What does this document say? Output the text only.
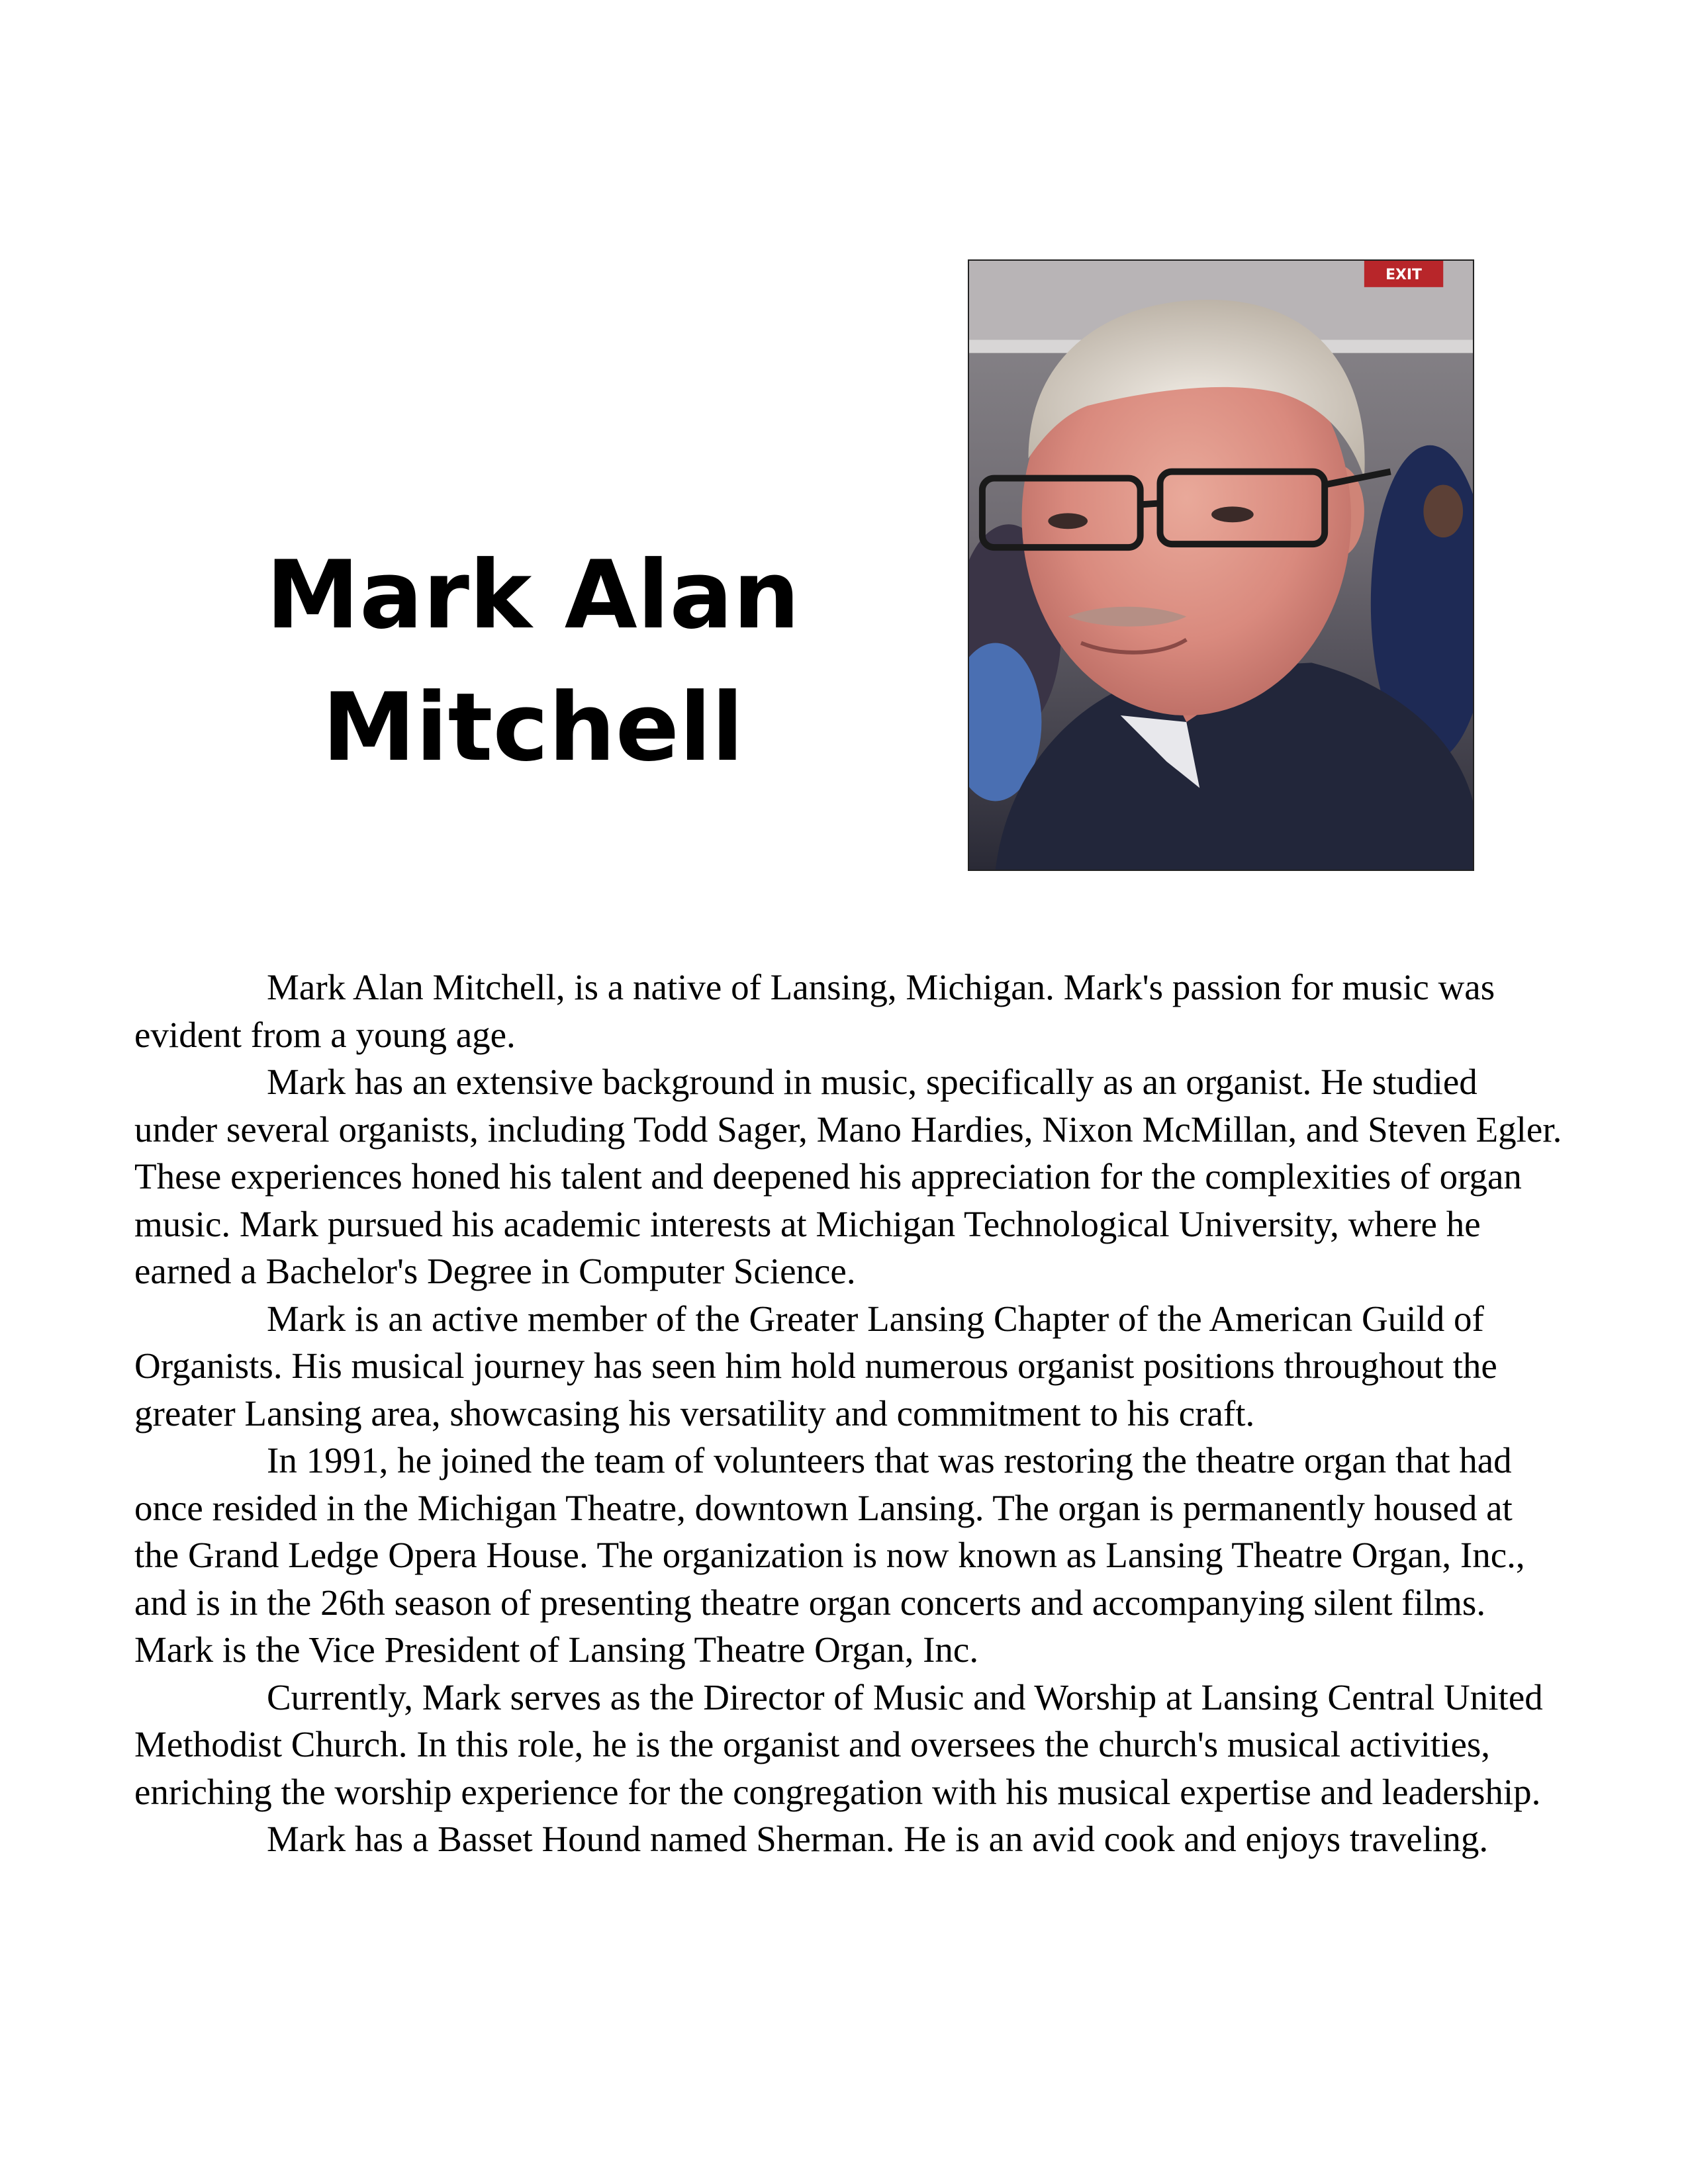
Mark Alan
Mitchell
EXIT

Mark Alan Mitchell, is a native of Lansing, Michigan. Mark's passion for music was evident from a young age.

Mark has an extensive background in music, specifically as an organist. He studied under several organists, including Todd Sager, Mano Hardies, Nixon McMillan, and Steven Egler. These experiences honed his talent and deepened his appreciation for the complexities of organ music. Mark pursued his academic interests at Michigan Technological University, where he earned a Bachelor's Degree in Computer Science.

Mark is an active member of the Greater Lansing Chapter of the American Guild of Organists. His musical journey has seen him hold numerous organist positions throughout the greater Lansing area, showcasing his versatility and commitment to his craft.

In 1991, he joined the team of volunteers that was restoring the theatre organ that had once resided in the Michigan Theatre, downtown Lansing. The organ is permanently housed at the Grand Ledge Opera House. The organization is now known as Lansing Theatre Organ, Inc., and is in the 26th season of presenting theatre organ concerts and accompanying silent films. Mark is the Vice President of Lansing Theatre Organ, Inc.

Currently, Mark serves as the Director of Music and Worship at Lansing Central United Methodist Church. In this role, he is the organist and oversees the church's musical activities, enriching the worship experience for the congregation with his musical expertise and leadership.

Mark has a Basset Hound named Sherman. He is an avid cook and enjoys traveling.
